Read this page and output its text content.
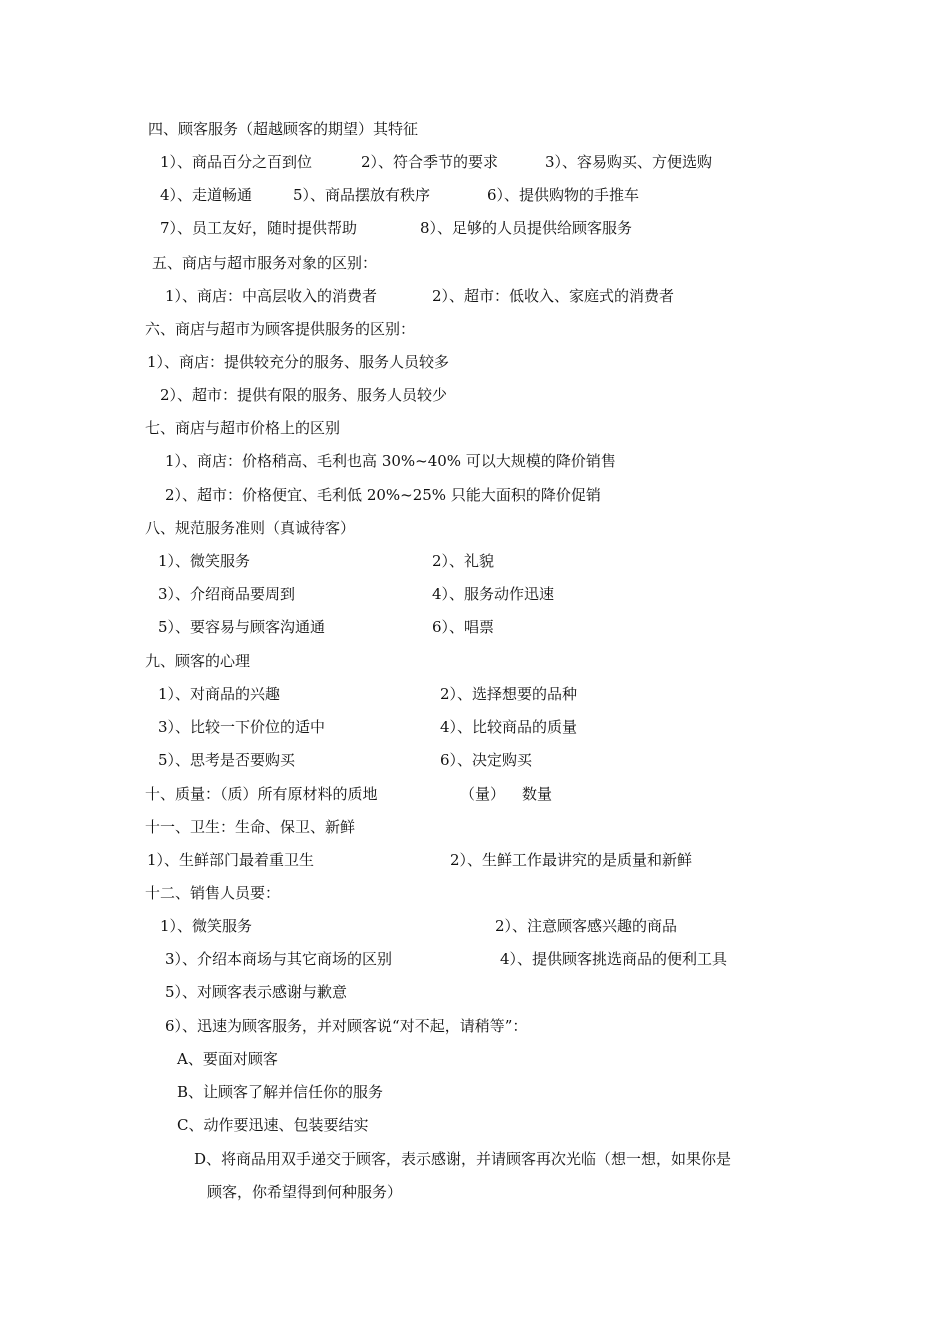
四、顾客服务（超越顾客的期望）其特征
1）、商品百分之百到位	2）、符合季节的要求	3）、容易购买、方便选购
4）、走道畅通	5）、商品摆放有秩序	6）、提供购物的手推车
7）、员工友好，随时提供帮助	8）、足够的人员提供给顾客服务
五、商店与超市服务对象的区别：
1）、商店：中高层收入的消费者	2）、超市：低收入、家庭式的消费者
六、商店与超市为顾客提供服务的区别：
1）、商店：提供较充分的服务、服务人员较多
2）、超市：提供有限的服务、服务人员较少
七、商店与超市价格上的区别
1）、商店：价格稍高、毛利也高 30%~40% 可以大规模的降价销售
2）、超市：价格便宜、毛利低 20%~25% 只能大面积的降价促销
八、规范服务准则（真诚待客）
1）、微笑服务	2）、礼貌
3）、介绍商品要周到	4）、服务动作迅速
5）、要容易与顾客沟通通	6）、唱票
九、顾客的心理
1）、对商品的兴趣	2）、选择想要的品种
3）、比较一下价位的适中	4）、比较商品的质量
5）、思考是否要购买	6）、决定购买
十、质量：（质）所有原材料的质地	（量） 数量
十一、卫生：生命、保卫、新鲜
1）、生鲜部门最着重卫生	2）、生鲜工作最讲究的是质量和新鲜
十二、销售人员要：
1）、微笑服务	2）、注意顾客感兴趣的商品
3）、介绍本商场与其它商场的区别	4）、提供顾客挑选商品的便利工具
5）、对顾客表示感谢与歉意
6）、迅速为顾客服务，并对顾客说“对不起，请稍等”：
A、要面对顾客
B、让顾客了解并信任你的服务
C、动作要迅速、包装要结实
D、将商品用双手递交于顾客，表示感谢，并请顾客再次光临（想一想，如果你是
顾客，你希望得到何种服务）
